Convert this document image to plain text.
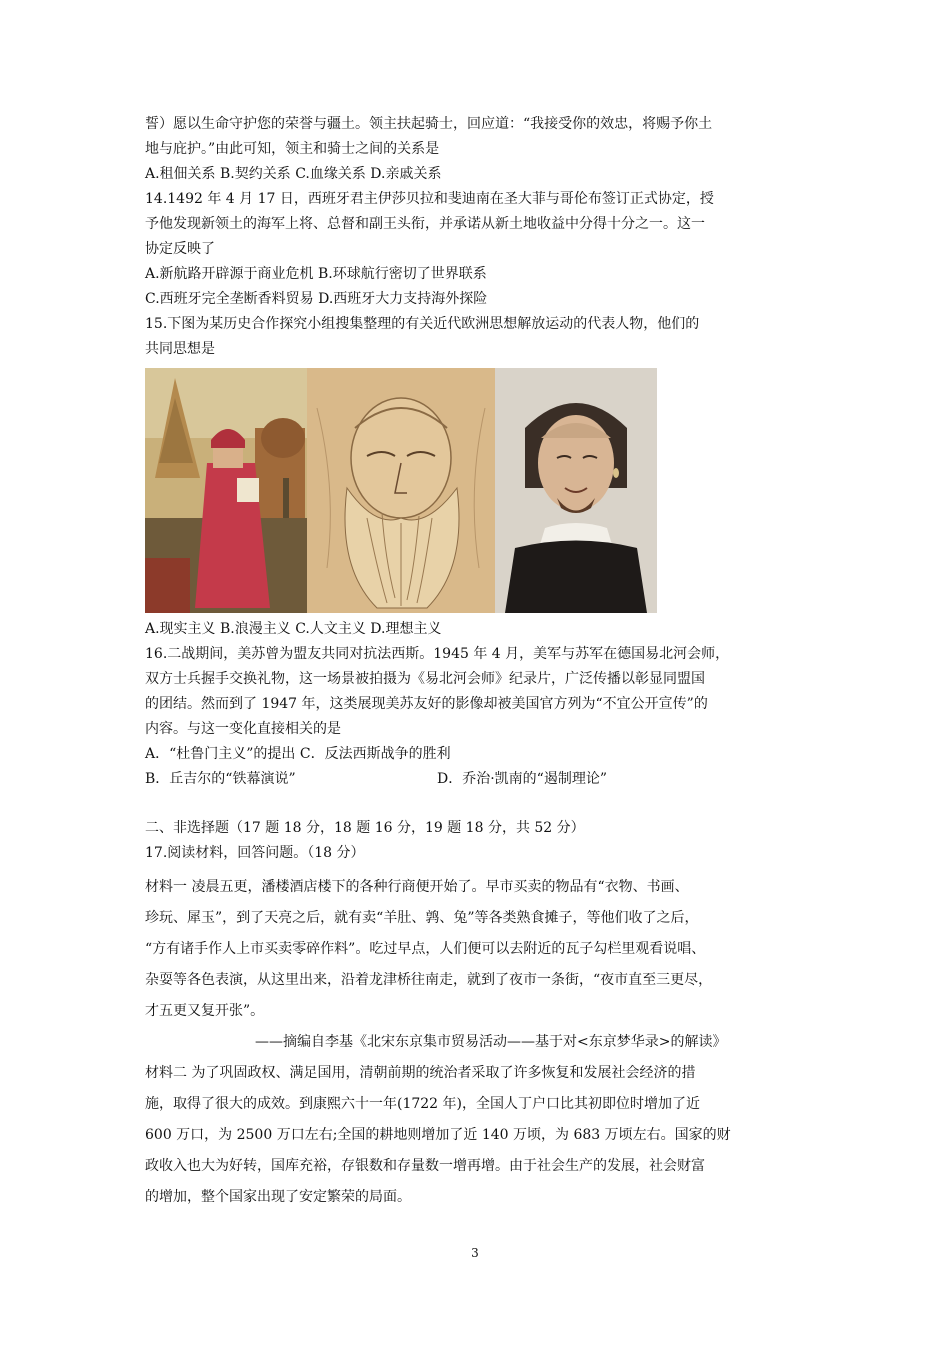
誓）愿以生命守护您的荣誉与疆土。领主扶起骑士，回应道：“我接受你的效忠，将赐予你土
地与庇护。”由此可知，领主和骑士之间的关系是
A.租佃关系 B.契约关系 C.血缘关系 D.亲戚关系
14.1492 年 4 月 17 日，西班牙君主伊莎贝拉和斐迪南在圣大菲与哥伦布签订正式协定，授
予他发现新领土的海军上将、总督和副王头衔，并承诺从新土地收益中分得十分之一。这一
协定反映了
A.新航路开辟源于商业危机 B.环球航行密切了世界联系
C.西班牙完全垄断香料贸易 D.西班牙大力支持海外探险
15.下图为某历史合作探究小组搜集整理的有关近代欧洲思想解放运动的代表人物，他们的
共同思想是
A.现实主义 B.浪漫主义 C.人文主义 D.理想主义
16.二战期间，美苏曾为盟友共同对抗法西斯。1945 年 4 月，美军与苏军在德国易北河会师，
双方士兵握手交换礼物，这一场景被拍摄为《易北河会师》纪录片，广泛传播以彰显同盟国
的团结。然而到了 1947 年，这类展现美苏友好的影像却被美国官方列为“不宜公开宣传”的
内容。与这一变化直接相关的是
A．“杜鲁门主义”的提出 C．反法西斯战争的胜利
B．丘吉尔的“铁幕演说”	D．乔治·凯南的“遏制理论”
二、非选择题（17 题 18 分，18 题 16 分，19 题 18 分，共 52 分）
17.阅读材料，回答问题。（18 分）
材料一 凌晨五更，潘楼酒店楼下的各种行商便开始了。早市买卖的物品有“衣物、书画、
珍玩、犀玉”，到了天亮之后，就有卖“羊肚、鹑、兔”等各类熟食摊子，等他们收了之后，
“方有诸手作人上市买卖零碎作料”。吃过早点，人们便可以去附近的瓦子勾栏里观看说唱、
杂耍等各色表演，从这里出来，沿着龙津桥往南走，就到了夜市一条街，“夜市直至三更尽，
才五更又复开张”。
——摘编自李基《北宋东京集市贸易活动——基于对<东京梦华录>的解读》
材料二 为了巩固政权、满足国用，清朝前期的统治者采取了许多恢复和发展社会经济的措
施，取得了很大的成效。到康熙六十一年(1722 年)，全国人丁户口比其初即位时增加了近
600 万口，为 2500 万口左右;全国的耕地则增加了近 140 万顷，为 683 万顷左右。国家的财
政收入也大为好转，国库充裕，存银数和存量数一增再增。由于社会生产的发展，社会财富
的增加，整个国家出现了安定繁荣的局面。
3
